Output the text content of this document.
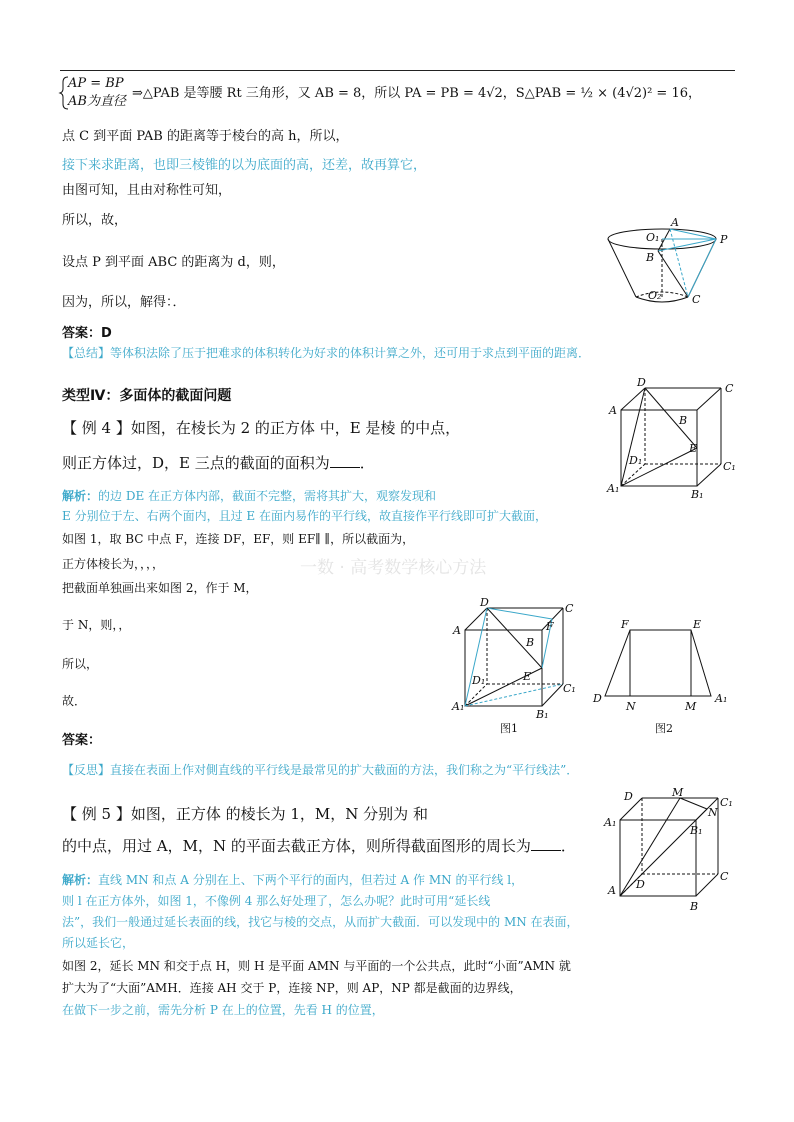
AP = BP
AB为直径
⇒△PAB 是等腰 Rt 三角形，又 AB = 8，所以 PA = PB = 4√2，S△PAB = ½ × (4√2)² = 16，
点 C 到平面 PAB 的距离等于棱台的高 h，所以，
接下来求距离，也即三棱锥的以为底面的高，还差，故再算它，
由图可知，且由对称性可知，
所以，故，
设点 P 到平面 ABC 的距离为 d，则，
因为，所以，解得：．
A
O₁	P
B
O₂	C
答案：D
【总结】等体积法除了压于把难求的体积转化为好求的体积计算之外，还可用于求点到平面的距离．
类型Ⅳ：多面体的截面问题
【 例 4 】如图，在棱长为 2 的正方体 中，E 是棱 的中点，
则正方体过，D，E 三点的截面的面积为 ．
D	C
A
B
E
D₁	C₁
A₁	B₁
解析：的边 DE 在正方体内部，截面不完整，需将其扩大，观察发现和
E 分别位于左、右两个面内，且过 E 在面内易作的平行线，故直接作平行线即可扩大截面，
如图 1，取 BC 中点 F，连接 DF，EF，则 EF∥ ∥，所以截面为，
正方体棱长为，，，，
把截面单独画出来如图 2，作于 M，
于 N，则，，
所以，
故．
一数 · 高考数学核心方法
D	C
A
B
F
D₁	E
C₁
A₁
B₁
图1
F	E
D
N	M
A₁
图2
答案：
【反思】直接在表面上作对側直线的平行线是最常见的扩大截面的方法，我们称之为“平行线法”．
【 例 5 】如图，正方体 的棱长为 1，M，N 分别为 和
的中点，用过 A，M，N 的平面去截正方体，则所得截面图形的周长为 ．
D	M
C₁
A₁
N
B₁
C
A D
B
解析：直线 MN 和点 A 分别在上、下两个平行的面内，但若过 A 作 MN 的平行线 l，
则 l 在正方体外，如图 1，不像例 4 那么好处理了，怎么办呢？此时可用“延长线
法”，我们一般通过延长表面的线，找它与棱的交点，从而扩大截面．可以发现中的 MN 在表面，
所以延长它，
如图 2，延长 MN 和交于点 H，则 H 是平面 AMN 与平面的一个公共点，此时“小面”AMN 就
扩大为了“大面”AMH．连接 AH 交于 P，连接 NP，则 AP，NP 都是截面的边界线，
在做下一步之前，需先分析 P 在上的位置，先看 H 的位置，
